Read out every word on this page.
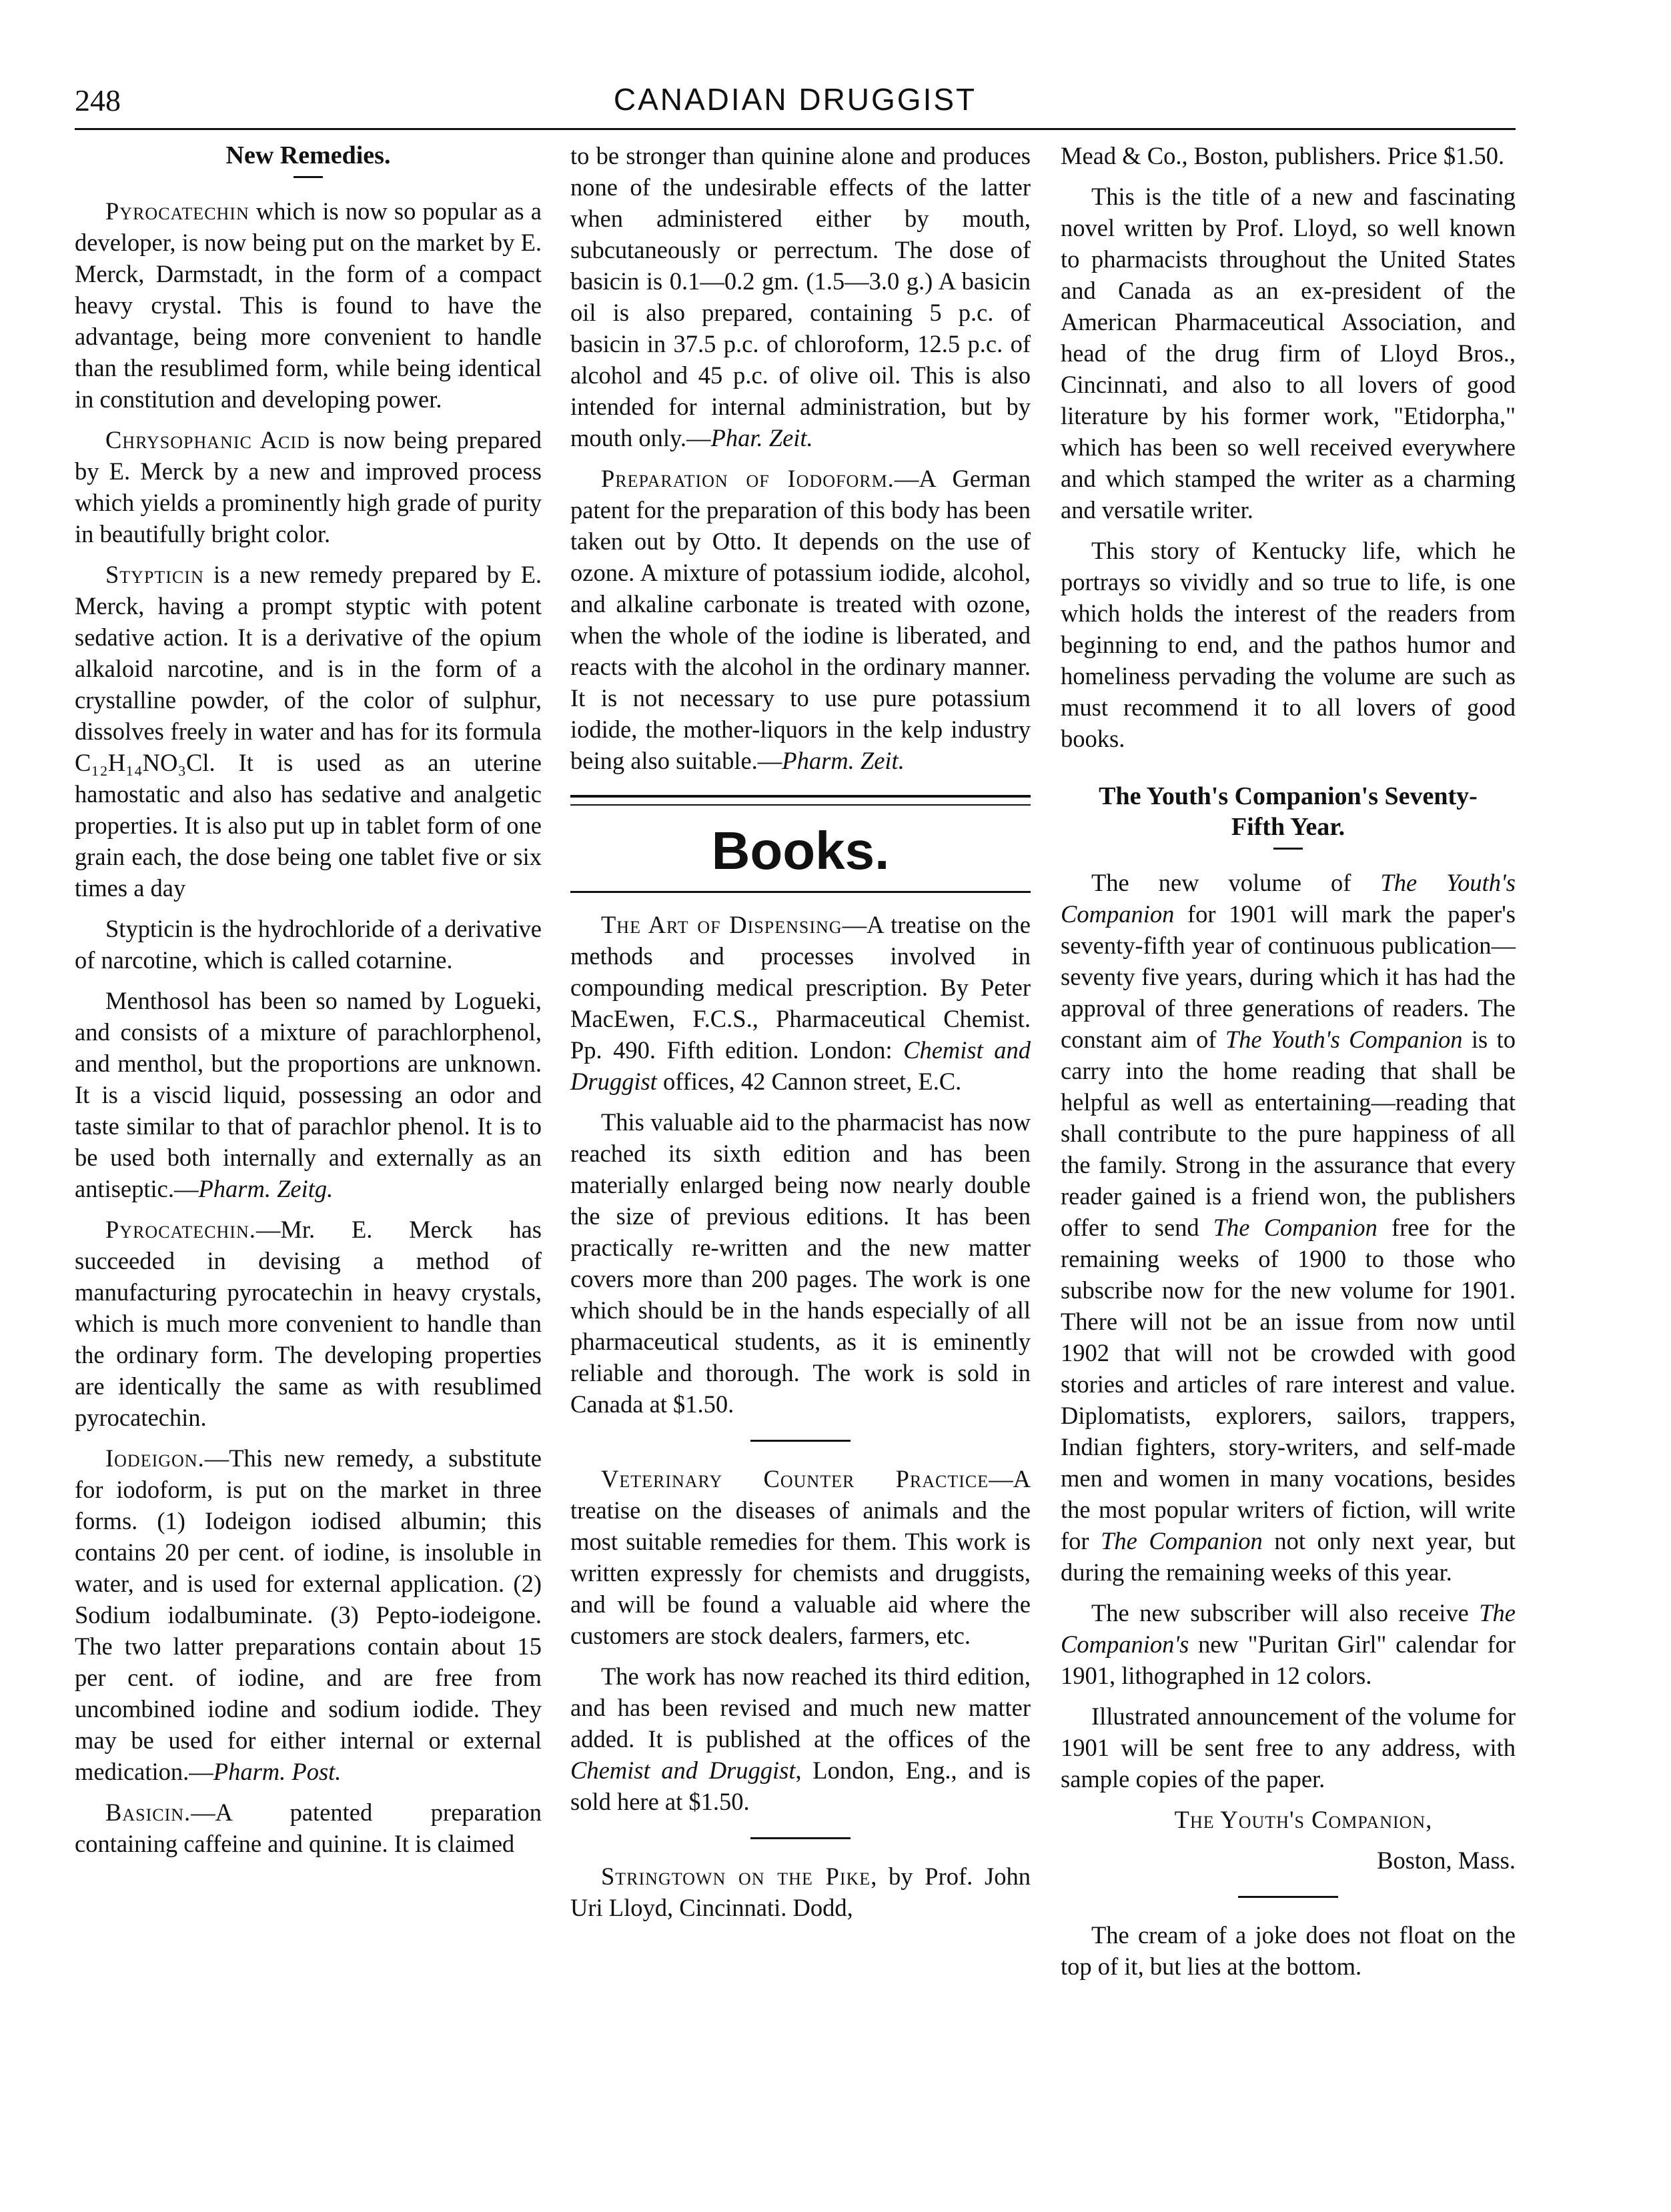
248	CANADIAN DRUGGIST
New Remedies.

Pyrocatechin which is now so popular as a developer, is now being put on the market by E. Merck, Darmstadt, in the form of a compact heavy crystal. This is found to have the advantage, being more convenient to handle than the resublimed form, while being identical in constitution and developing power.

Chrysophanic Acid is now being prepared by E. Merck by a new and improved process which yields a prominently high grade of purity in beautifully bright color.

Stypticin is a new remedy prepared by E. Merck, having a prompt styptic with potent sedative action. It is a derivative of the opium alkaloid narcotine, and is in the form of a crystalline powder, of the color of sulphur, dissolves freely in water and has for its formula C₁₂H₁₄NO₃Cl. It is used as an uterine hamostatic and also has sedative and analgetic properties. It is also put up in tablet form of one grain each, the dose being one tablet five or six times a day

Stypticin is the hydrochloride of a derivative of narcotine, which is called cotarnine.

Menthosol has been so named by Logueki, and consists of a mixture of parachlorphenol, and menthol, but the proportions are unknown. It is a viscid liquid, possessing an odor and taste similar to that of parachlor phenol. It is to be used both internally and externally as an antiseptic.—Pharm. Zeitg.

Pyrocatechin.—Mr. E. Merck has succeeded in devising a method of manufacturing pyrocatechin in heavy crystals, which is much more convenient to handle than the ordinary form. The developing properties are identically the same as with resublimed pyrocatechin.

Iodeigon.—This new remedy, a substitute for iodoform, is put on the market in three forms. (1) Iodeigon iodised albumin; this contains 20 per cent. of iodine, is insoluble in water, and is used for external application. (2) Sodium iodalbuminate. (3) Pepto-iodeigone. The two latter preparations contain about 15 per cent. of iodine, and are free from uncombined iodine and sodium iodide. They may be used for either internal or external medication.—Pharm. Post.

Basicin.—A patented preparation containing caffeine and quinine. It is claimed

to be stronger than quinine alone and produces none of the undesirable effects of the latter when administered either by mouth, subcutaneously or perrectum. The dose of basicin is 0.1—0.2 gm. (1.5—3.0 g.) A basicin oil is also prepared, containing 5 p.c. of basicin in 37.5 p.c. of chloroform, 12.5 p.c. of alcohol and 45 p.c. of olive oil. This is also intended for internal administration, but by mouth only.—Phar. Zeit.

Preparation of Iodoform.—A German patent for the preparation of this body has been taken out by Otto. It depends on the use of ozone. A mixture of potassium iodide, alcohol, and alkaline carbonate is treated with ozone, when the whole of the iodine is liberated, and reacts with the alcohol in the ordinary manner. It is not necessary to use pure potassium iodide, the mother-liquors in the kelp industry being also suitable.—Pharm. Zeit.

Books.

The Art of Dispensing—A treatise on the methods and processes involved in compounding medical prescription. By Peter MacEwen, F.C.S., Pharmaceutical Chemist. Pp. 490. Fifth edition. London: Chemist and Druggist offices, 42 Cannon street, E.C.

This valuable aid to the pharmacist has now reached its sixth edition and has been materially enlarged being now nearly double the size of previous editions. It has been practically re-written and the new matter covers more than 200 pages. The work is one which should be in the hands especially of all pharmaceutical students, as it is eminently reliable and thorough. The work is sold in Canada at $1.50.

Veterinary Counter Practice—A treatise on the diseases of animals and the most suitable remedies for them. This work is written expressly for chemists and druggists, and will be found a valuable aid where the customers are stock dealers, farmers, etc.

The work has now reached its third edition, and has been revised and much new matter added. It is published at the offices of the Chemist and Druggist, London, Eng., and is sold here at $1.50.

Stringtown on the Pike, by Prof. John Uri Lloyd, Cincinnati. Dodd,

Mead & Co., Boston, publishers. Price $1.50.

This is the title of a new and fascinating novel written by Prof. Lloyd, so well known to pharmacists throughout the United States and Canada as an ex-president of the American Pharmaceutical Association, and head of the drug firm of Lloyd Bros., Cincinnati, and also to all lovers of good literature by his former work, "Etidorpha," which has been so well received everywhere and which stamped the writer as a charming and versatile writer.

This story of Kentucky life, which he portrays so vividly and so true to life, is one which holds the interest of the readers from beginning to end, and the pathos humor and homeliness pervading the volume are such as must recommend it to all lovers of good books.

The Youth's Companion's Seventy-
Fifth Year.

The new volume of The Youth's Companion for 1901 will mark the paper's seventy-fifth year of continuous publication—seventy five years, during which it has had the approval of three generations of readers. The constant aim of The Youth's Companion is to carry into the home reading that shall be helpful as well as entertaining—reading that shall contribute to the pure happiness of all the family. Strong in the assurance that every reader gained is a friend won, the publishers offer to send The Companion free for the remaining weeks of 1900 to those who subscribe now for the new volume for 1901. There will not be an issue from now until 1902 that will not be crowded with good stories and articles of rare interest and value. Diplomatists, explorers, sailors, trappers, Indian fighters, story-writers, and self-made men and women in many vocations, besides the most popular writers of fiction, will write for The Companion not only next year, but during the remaining weeks of this year.

The new subscriber will also receive The Companion's new "Puritan Girl" calendar for 1901, lithographed in 12 colors.

Illustrated announcement of the volume for 1901 will be sent free to any address, with sample copies of the paper.

The Youth's Companion,

Boston, Mass.

The cream of a joke does not float on the top of it, but lies at the bottom.
